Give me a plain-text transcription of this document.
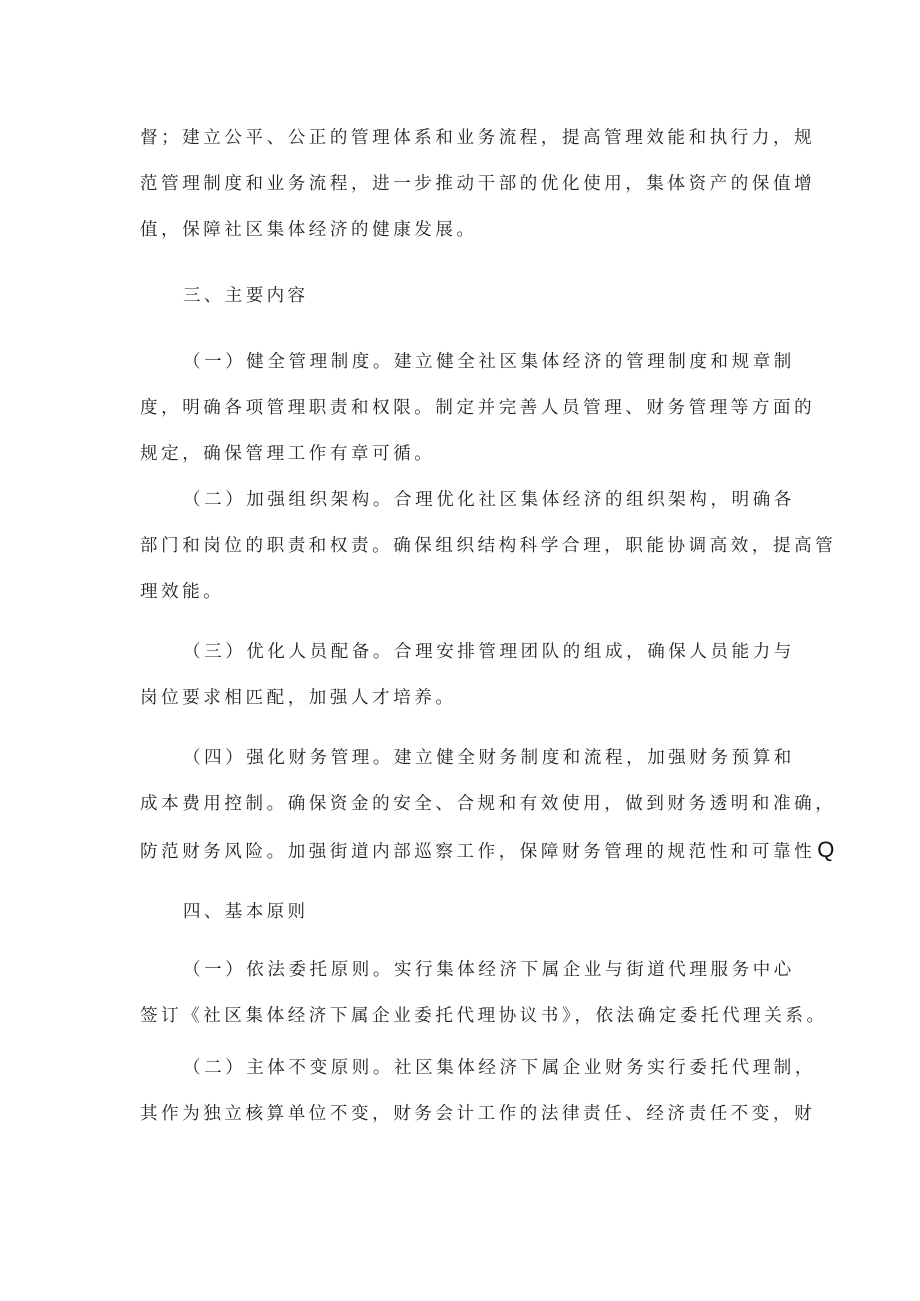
督；建立公平、公正的管理体系和业务流程，提高管理效能和执行力，规
范管理制度和业务流程，进一步推动干部的优化使用，集体资产的保值增
值，保障社区集体经济的健康发展。
三、主要内容
（一）健全管理制度。建立健全社区集体经济的管理制度和规章制
度，明确各项管理职责和权限。制定并完善人员管理、财务管理等方面的
规定，确保管理工作有章可循。
（二）加强组织架构。合理优化社区集体经济的组织架构，明确各
部门和岗位的职责和权责。确保组织结构科学合理，职能协调高效，提高管
理效能。
（三）优化人员配备。合理安排管理团队的组成，确保人员能力与
岗位要求相匹配，加强人才培养。
（四）强化财务管理。建立健全财务制度和流程，加强财务预算和
成本费用控制。确保资金的安全、合规和有效使用，做到财务透明和准确，
防范财务风险。加强街道内部巡察工作，保障财务管理的规范性和可靠性Q
四、基本原则
（一）依法委托原则。实行集体经济下属企业与街道代理服务中心
签订《社区集体经济下属企业委托代理协议书》，依法确定委托代理关系。
（二）主体不变原则。社区集体经济下属企业财务实行委托代理制，
其作为独立核算单位不变，财务会计工作的法律责任、经济责任不变，财
